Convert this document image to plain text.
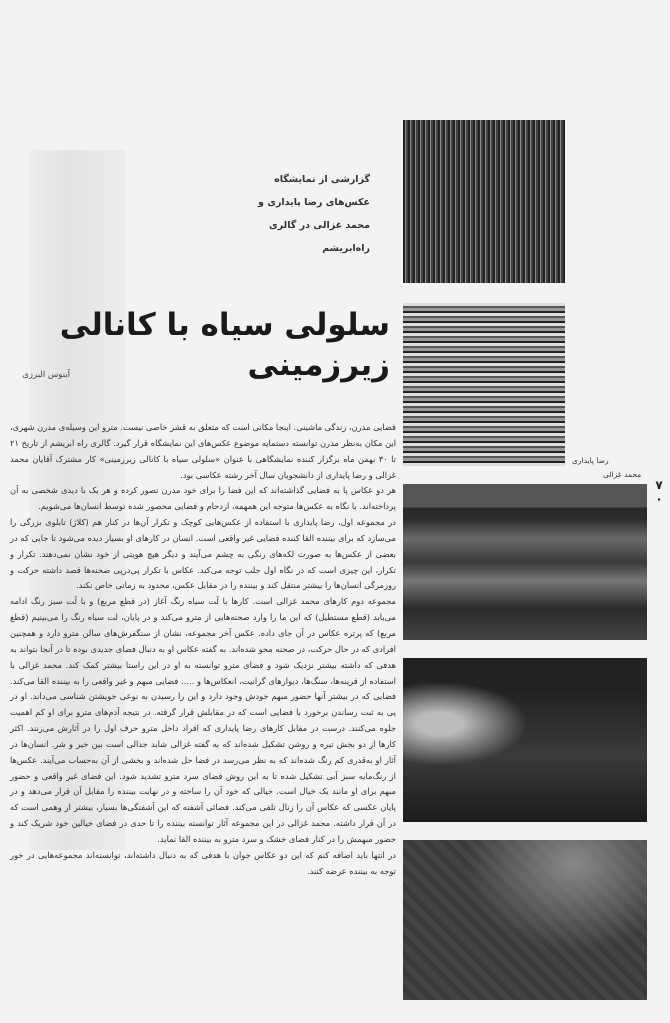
گزارشی از نمایشگاه
عکس‌های رضا پایداری و
محمد غزالی در گالری
راه‌ابریشم
سلولی سیاه با کانالی زیرزمینی
آبنوس البرزی

فضایی مدرن، زندگی ماشینی. اینجا مکانی است که متعلق به قشر خاصی نیست. مترو این وسیله‌ی مدرن شهری، این مکان به‌نظر مدرن توانسته دستمایه موضوع عکس‌های این نمایشگاه قرار گیرد. گالری راه ابریشم از تاریخ ۲۱ تا ۳۰ بهمن ماه برگزار کننده نمایشگاهی با عنوان «سلولی سیاه با کانالی زیرزمینی» کار مشترک آقایان محمد غزالی و رضا پایداری از دانشجویان سال آخر رشته عکاسی بود.

هر دو عکاس پا به فضایی گذاشته‌اند که این فضا را برای خود مدرن تصور کرده و هر یک با دیدی شخصی به آن پرداخته‌اند. با نگاه به عکس‌ها متوجه این همهمه، ازدحام و فضایی محصور شده توسط انسان‌ها می‌شویم.

در مجموعه اول، رضا پایداری با استفاده از عکس‌هایی کوچک و تکرار آن‌ها در کنار هم (کلاژ) تابلوی بزرگی را می‌سازد که برای بیننده القا کننده فضایی غیر واقعی است. انسان در کارهای او بسیار دیده می‌شود تا جایی که در بعضی از عکس‌ها به صورت لکه‌های رنگی به چشم می‌آیند و دیگر هیچ هویتی از خود نشان نمی‌دهند. تکرار و تکرار، این چیزی است که در نگاه اول جلب توجه می‌کند. عکاس با تکرار پی‌درپی صحنه‌ها قصد داشته حرکت و روزمرگی انسان‌ها را بیشتر منتقل کند و بیننده را در مقابل عکس، محدود به زمانی خاص نکند.

مجموعه دوم کارهای محمد غزالی است. کارها با لَت سیاه رنگ آغاز (در قطع مربع) و با لَت سبز رنگ ادامه می‌یابد (قطع مستطیل) که این ما را وارد صحنه‌هایی از مترو می‌کند و در پایان، لت سیاه رنگ را می‌بینیم (قطع مربع) که پرتره عکاس در آن جای داده. عکس آخر مجموعه، نشان از سنگفرش‌های سالن مترو دارد و همچنین افرادی که در حال حرکت، در صحنه محو شده‌اند. به گفته عکاس او به دنبال فضای جدیدی بوده تا در آنجا بتواند به هدفی که داشته بیشتر نزدیک شود و فضای مترو توانسته به او در این راستا بیشتر کمک کند. محمد غزالی با استفاده از قرینه‌ها، سنگ‌ها، دیوارهای گرانیت، انعکاس‌ها و ..... فضایی مبهم و غیر واقعی را به بیننده القا می‌کند. فضایی که در بیشتر آنها حضور مبهم خودش وجود دارد و این را رسیدن به نوعی خویشتن شناسی می‌داند. او در پی به ثبت رساندن برخورد با فضایی است که در مقابلش قرار گرفته. در نتیجه آدم‌های مترو برای او کم اهمیت جلوه می‌کنند. درست در مقابل کارهای رضا پایداری که افراد داخل مترو حرف اول را در آثارش می‌زنند. اکثر کارها از دو بخش تیره و روشن تشکیل شده‌اند که به گفته غزالی شاید جدالی است بین خیر و شر. انسان‌ها در آثار او به‌قدری کم رنگ شده‌اند که به نظر می‌رسد در فضا حل شده‌اند و بخشی از آن به‌حساب می‌آیند. عکس‌ها از رنگ‌مایه سبز آبی تشکیل شده تا به این روش فضای سرد مترو تشدید شود. این فضای غیر واقعی و حضور مبهم برای او مانند یک خیال است. خیالی که خود آن را ساخته و در نهایت بیننده را مقابل آن قرار می‌دهد و در پایان عکسی که عکاس آن را زنال تلقی می‌کند. فضائی آشفته که این آشفتگی‌ها بسیار، بیشتر از وهمی است که در آن قرار داشته. محمد غزالی در این مجموعه آثار توانسته بیننده را تا حدی در فضای خیالین خود شریک کند و حضور مبهمش را در کنار فضای خشک و سرد مترو به بیننده القا نماید.

در انتها باید اضافه کنم که این دو عکاس جوان با هدفی که به دنبال داشته‌اند، توانسته‌اند مجموعه‌هایی در خور توجه به بیننده عرضه کنند.

رضا پایداری
محمد غزالی
۷۰
